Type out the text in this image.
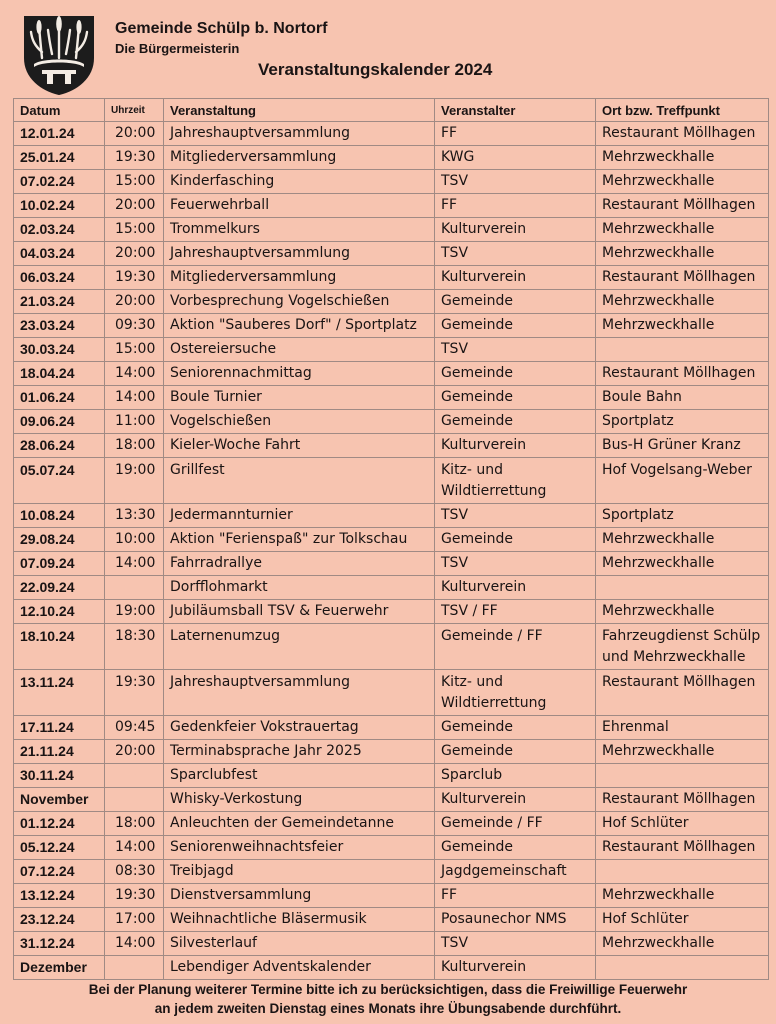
Gemeinde Schülp b. Nortorf
Die Bürgermeisterin
Veranstaltungskalender 2024
Datum	Uhrzeit	Veranstaltung	Veranstalter	Ort bzw. Treffpunkt
12.01.24	20:00	Jahreshauptversammlung	FF	Restaurant Möllhagen
25.01.24	19:30	Mitgliederversammlung	KWG	Mehrzweckhalle
07.02.24	15:00	Kinderfasching	TSV	Mehrzweckhalle
10.02.24	20:00	Feuerwehrball	FF	Restaurant Möllhagen
02.03.24	15:00	Trommelkurs	Kulturverein	Mehrzweckhalle
04.03.24	20:00	Jahreshauptversammlung	TSV	Mehrzweckhalle
06.03.24	19:30	Mitgliederversammlung	Kulturverein	Restaurant Möllhagen
21.03.24	20:00	Vorbesprechung Vogelschießen	Gemeinde	Mehrzweckhalle
23.03.24	09:30	Aktion "Sauberes Dorf" / Sportplatz	Gemeinde	Mehrzweckhalle
30.03.24	15:00	Ostereiersuche	TSV	
18.04.24	14:00	Seniorennachmittag	Gemeinde	Restaurant Möllhagen
01.06.24	14:00	Boule Turnier	Gemeinde	Boule Bahn
09.06.24	11:00	Vogelschießen	Gemeinde	Sportplatz
28.06.24	18:00	Kieler-Woche Fahrt	Kulturverein	Bus-H Grüner Kranz
05.07.24	19:00	Grillfest	Kitz- und Wildtierrettung	Hof Vogelsang-Weber
10.08.24	13:30	Jedermannturnier	TSV	Sportplatz
29.08.24	10:00	Aktion "Ferienspaß" zur Tolkschau	Gemeinde	Mehrzweckhalle
07.09.24	14:00	Fahrradrallye	TSV	Mehrzweckhalle
22.09.24		Dorfflohmarkt	Kulturverein	
12.10.24	19:00	Jubiläumsball TSV & Feuerwehr	TSV / FF	Mehrzweckhalle
18.10.24	18:30	Laternenumzug	Gemeinde / FF	Fahrzeugdienst Schülp und Mehrzweckhalle
13.11.24	19:30	Jahreshauptversammlung	Kitz- und Wildtierrettung	Restaurant Möllhagen
17.11.24	09:45	Gedenkfeier Vokstrauertag	Gemeinde	Ehrenmal
21.11.24	20:00	Terminabsprache Jahr 2025	Gemeinde	Mehrzweckhalle
30.11.24		Sparclubfest	Sparclub	
November		Whisky-Verkostung	Kulturverein	Restaurant Möllhagen
01.12.24	18:00	Anleuchten der Gemeindetanne	Gemeinde / FF	Hof Schlüter
05.12.24	14:00	Seniorenweihnachtsfeier	Gemeinde	Restaurant Möllhagen
07.12.24	08:30	Treibjagd	Jagdgemeinschaft	
13.12.24	19:30	Dienstversammlung	FF	Mehrzweckhalle
23.12.24	17:00	Weihnachtliche Bläsermusik	Posaunechor NMS	Hof Schlüter
31.12.24	14:00	Silvesterlauf	TSV	Mehrzweckhalle
Dezember		Lebendiger Adventskalender	Kulturverein	
Bei der Planung weiterer Termine bitte ich zu berücksichtigen, dass die Freiwillige Feuerwehr
an jedem zweiten Dienstag eines Monats ihre Übungsabende durchführt.
